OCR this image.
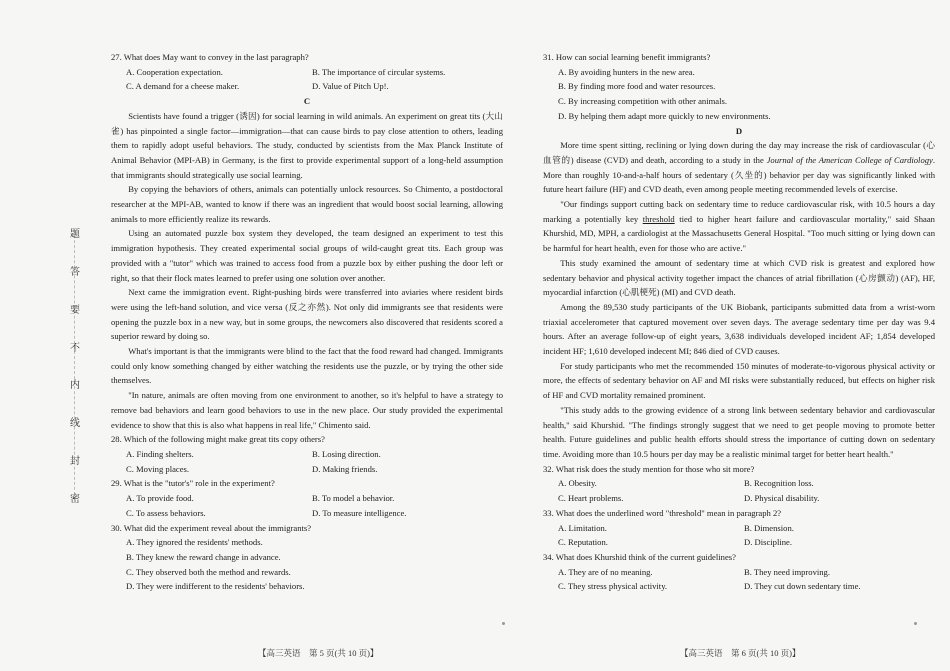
题
答
要
不
内
线
封
密

27. What does May want to convey in the last paragraph?

A. Cooperation expectation.	B. The importance of circular systems.
C. A demand for a cheese maker.	D. Value of Pitch Up!.

C

Scientists have found a trigger (诱因) for social learning in wild animals. An experiment on great tits (大山雀) has pinpointed a single factor—immigration—that can cause birds to pay close attention to others, leading them to rapidly adopt useful behaviors. The study, conducted by scientists from the Max Planck Institute of Animal Behavior (MPI-AB) in Germany, is the first to provide experimental support of a long-held assumption that immigrants should strategically use social learning.

By copying the behaviors of others, animals can potentially unlock resources. So Chimento, a postdoctoral researcher at the MPI-AB, wanted to know if there was an ingredient that would boost social learning, allowing animals to more efficiently realize its rewards.

Using an automated puzzle box system they developed, the team designed an experiment to test this immigration hypothesis. They created experimental social groups of wild-caught great tits. Each group was provided with a "tutor" which was trained to access food from a puzzle box by either pushing the door left or right, so that their flock mates learned to prefer using one solution over another.

Next came the immigration event. Right-pushing birds were transferred into aviaries where resident birds were using the left-hand solution, and vice versa (反之亦然). Not only did immigrants see that residents were opening the puzzle box in a new way, but in some groups, the newcomers also discovered that residents scored a superior reward by doing so.

What's important is that the immigrants were blind to the fact that the food reward had changed. Immigrants could only know something changed by either watching the residents use the puzzle, or by trying the other side themselves.

"In nature, animals are often moving from one environment to another, so it's helpful to have a strategy to remove bad behaviors and learn good behaviors to use in the new place. Our study provided the experimental evidence to show that this is also what happens in real life," Chimento said.

28. Which of the following might make great tits copy others?

A. Finding shelters.	B. Losing direction.
C. Moving places.	D. Making friends.

29. What is the "tutor's" role in the experiment?

A. To provide food.	B. To model a behavior.
C. To assess behaviors.	D. To measure intelligence.

30. What did the experiment reveal about the immigrants?

A. They ignored the residents' methods.
B. They knew the reward change in advance.
C. They observed both the method and rewards.
D. They were indifferent to the residents' behaviors.

31. How can social learning benefit immigrants?

A. By avoiding hunters in the new area.
B. By finding more food and water resources.
C. By increasing competition with other animals.
D. By helping them adapt more quickly to new environments.

D

More time spent sitting, reclining or lying down during the day may increase the risk of cardiovascular (心血管的) disease (CVD) and death, according to a study in the Journal of the American College of Cardiology. More than roughly 10-and-a-half hours of sedentary (久坐的) behavior per day was significantly linked with future heart failure (HF) and CVD death, even among people meeting recommended levels of exercise.

"Our findings support cutting back on sedentary time to reduce cardiovascular risk, with 10.5 hours a day marking a potentially key threshold tied to higher heart failure and cardiovascular mortality," said Shaan Khurshid, MD, MPH, a cardiologist at the Massachusetts General Hospital. "Too much sitting or lying down can be harmful for heart health, even for those who are active."

This study examined the amount of sedentary time at which CVD risk is greatest and explored how sedentary behavior and physical activity together impact the chances of atrial fibrillation (心房颤动) (AF), HF, myocardial infarction (心肌梗死) (MI) and CVD death.

Among the 89,530 study participants of the UK Biobank, participants submitted data from a wrist-worn triaxial accelerometer that captured movement over seven days. The average sedentary time per day was 9.4 hours. After an average follow-up of eight years, 3,638 individuals developed incident AF; 1,854 developed incident HF; 1,610 developed indecent MI; 846 died of CVD causes.

For study participants who met the recommended 150 minutes of moderate-to-vigorous physical activity or more, the effects of sedentary behavior on AF and MI risks were substantially reduced, but effects on higher risk of HF and CVD mortality remained prominent.

"This study adds to the growing evidence of a strong link between sedentary behavior and cardiovascular health," said Khurshid. "The findings strongly suggest that we need to get people moving to promote better health. Future guidelines and public health efforts should stress the importance of cutting down on sedentary time. Avoiding more than 10.5 hours per day may be a realistic minimal target for better heart health."

32. What risk does the study mention for those who sit more?

A. Obesity.	B. Recognition loss.
C. Heart problems.	D. Physical disability.

33. What does the underlined word "threshold" mean in paragraph 2?

A. Limitation.	B. Dimension.
C. Reputation.	D. Discipline.

34. What does Khurshid think of the current guidelines?

A. They are of no meaning.	B. They need improving.
C. They stress physical activity.	D. They cut down sedentary time.
【高三英语　第 5 页(共 10 页)】	【高三英语　第 6 页(共 10 页)】
